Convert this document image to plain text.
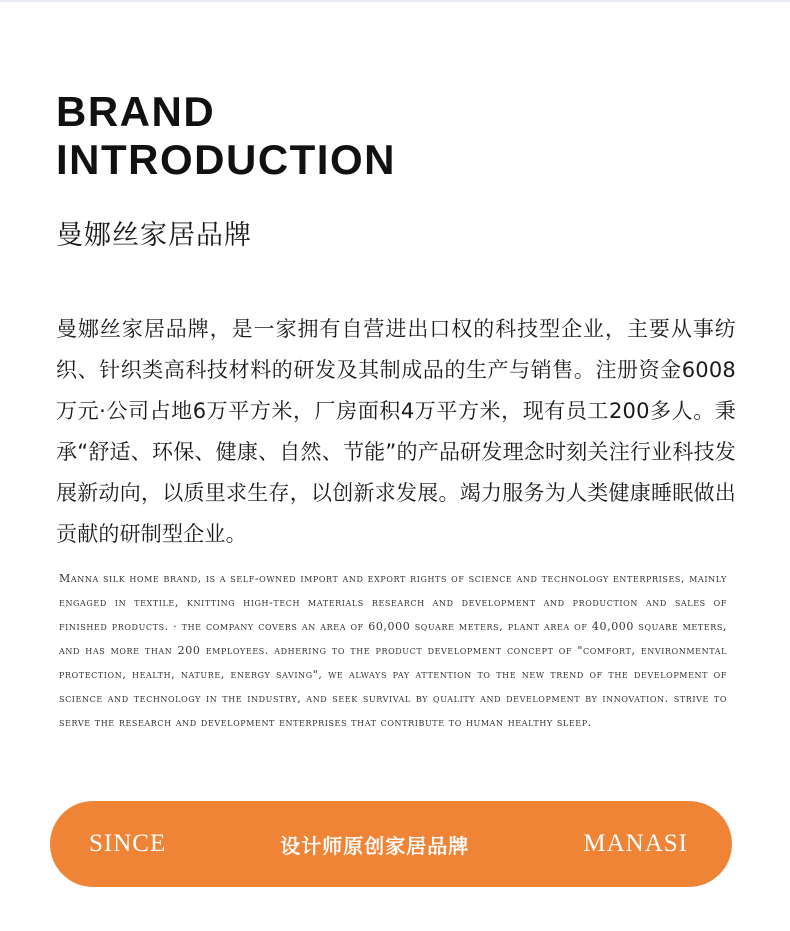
BRAND
INTRODUCTION
曼娜丝家居品牌

曼娜丝家居品牌，是一家拥有自营进出口权的科技型企业，主要从事纺织、针织类高科技材料的研发及其制成品的生产与销售。注册资金6008万元·公司占地6万平方米，厂房面积4万平方米，现有员工200多人。秉承“舒适、环保、健康、自然、节能”的产品研发理念时刻关注行业科技发展新动向，以质里求生存，以创新求发展。竭力服务为人类健康睡眠做出贡献的研制型企业。

Manna silk home brand, is a self-owned import and export rights of science and technology enterprises, mainly engaged in textile, knitting high-tech materials research and development and production and sales of finished products. · the company covers an area of 60,000 square meters, plant area of 40,000 square meters, and has more than 200 employees. adhering to the product development concept of "comfort, environmental protection, health, nature, energy saving", we always pay attention to the new trend of the development of science and technology in the industry, and seek survival by quality and development by innovation. strive to serve the research and development enterprises that contribute to human healthy sleep.

SINCE	设计师原创家居品牌	MANASI
